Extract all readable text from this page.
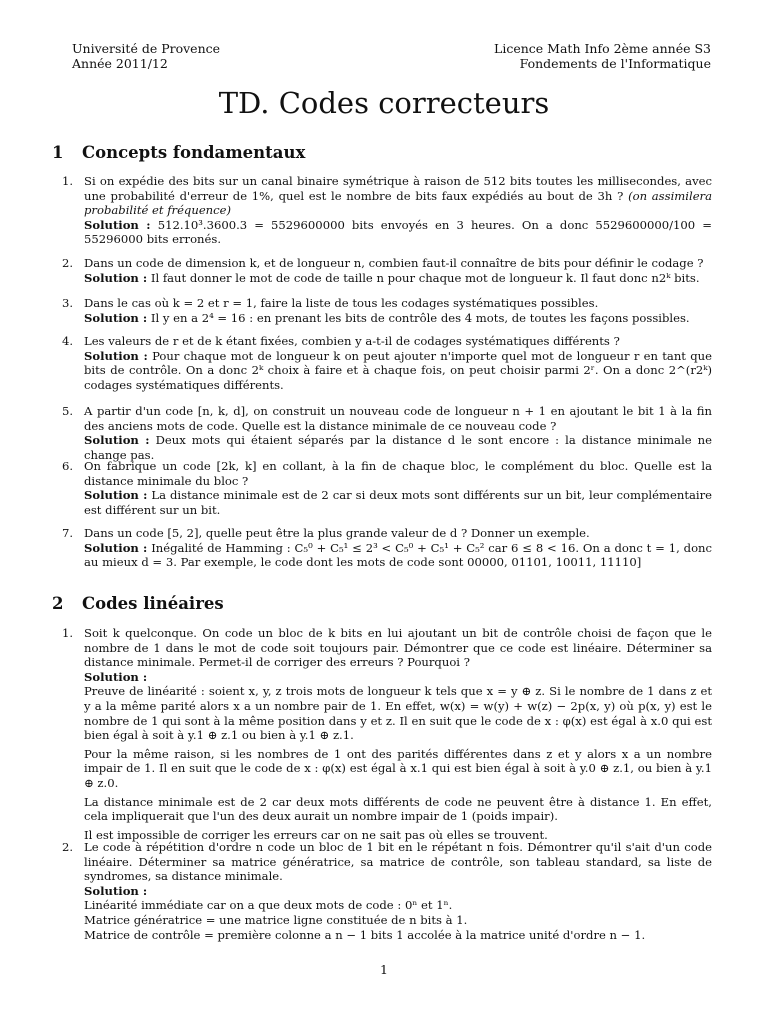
Université de Provence
Année 2011/12
Licence Math Info 2ème année S3
Fondements de l'Informatique
TD. Codes correcteurs
1 Concepts fondamentaux
1. Si on expédie des bits sur un canal binaire symétrique à raison de 512 bits toutes les millisecondes, avec une probabilité d'erreur de 1%, quel est le nombre de bits faux expédiés au bout de 3h ? (on assimilera probabilité et fréquence)

Solution : 512.10³.3600.3 = 5529600000 bits envoyés en 3 heures. On a donc 5529600000/100 = 55296000 bits erronés.

2. Dans un code de dimension k, et de longueur n, combien faut-il connaître de bits pour définir le codage ?

Solution : Il faut donner le mot de code de taille n pour chaque mot de longueur k. Il faut donc n2ᵏ bits.

3. Dans le cas où k = 2 et r = 1, faire la liste de tous les codages systématiques possibles.

Solution : Il y en a 2⁴ = 16 : en prenant les bits de contrôle des 4 mots, de toutes les façons possibles.

4. Les valeurs de r et de k étant fixées, combien y a-t-il de codages systématiques différents ?

Solution : Pour chaque mot de longueur k on peut ajouter n'importe quel mot de longueur r en tant que bits de contrôle. On a donc 2ᵏ choix à faire et à chaque fois, on peut choisir parmi 2ʳ. On a donc 2^(r2ᵏ) codages systématiques différents.

5. A partir d'un code [n, k, d], on construit un nouveau code de longueur n + 1 en ajoutant le bit 1 à la fin des anciens mots de code. Quelle est la distance minimale de ce nouveau code ?

Solution : Deux mots qui étaient séparés par la distance d le sont encore : la distance minimale ne change pas.

6. On fabrique un code [2k, k] en collant, à la fin de chaque bloc, le complément du bloc. Quelle est la distance minimale du bloc ?

Solution : La distance minimale est de 2 car si deux mots sont différents sur un bit, leur complémentaire est différent sur un bit.

7. Dans un code [5, 2], quelle peut être la plus grande valeur de d ? Donner un exemple.

Solution : Inégalité de Hamming : C₅⁰ + C₅¹ ≤ 2³ < C₅⁰ + C₅¹ + C₅² car 6 ≤ 8 < 16. On a donc t = 1, donc au mieux d = 3. Par exemple, le code dont les mots de code sont 00000, 01101, 10011, 11110]

2 Codes linéaires
1. Soit k quelconque. On code un bloc de k bits en lui ajoutant un bit de contrôle choisi de façon que le nombre de 1 dans le mot de code soit toujours pair. Démontrer que ce code est linéaire. Déterminer sa distance minimale. Permet-il de corriger des erreurs ? Pourquoi ?

Solution :

Preuve de linéarité : soient x, y, z trois mots de longueur k tels que x = y ⊕ z. Si le nombre de 1 dans z et y a la même parité alors x a un nombre pair de 1. En effet, w(x) = w(y) + w(z) − 2p(x, y) où p(x, y) est le nombre de 1 qui sont à la même position dans y et z. Il en suit que le code de x : φ(x) est égal à x.0 qui est bien égal à soit à y.1 ⊕ z.1 ou bien à y.1 ⊕ z.1.

Pour la même raison, si les nombres de 1 ont des parités différentes dans z et y alors x a un nombre impair de 1. Il en suit que le code de x : φ(x) est égal à x.1 qui est bien égal à soit à y.0 ⊕ z.1, ou bien à y.1 ⊕ z.0.

La distance minimale est de 2 car deux mots différents de code ne peuvent être à distance 1. En effet, cela impliquerait que l'un des deux aurait un nombre impair de 1 (poids impair).

Il est impossible de corriger les erreurs car on ne sait pas où elles se trouvent.

2. Le code à répétition d'ordre n code un bloc de 1 bit en le répétant n fois. Démontrer qu'il s'ait d'un code linéaire. Déterminer sa matrice génératrice, sa matrice de contrôle, son tableau standard, sa liste de syndromes, sa distance minimale.

Solution :

Linéarité immédiate car on a que deux mots de code : 0ⁿ et 1ⁿ.

Matrice génératrice = une matrice ligne constituée de n bits à 1.

Matrice de contrôle = première colonne a n − 1 bits 1 accolée à la matrice unité d'ordre n − 1.

1
